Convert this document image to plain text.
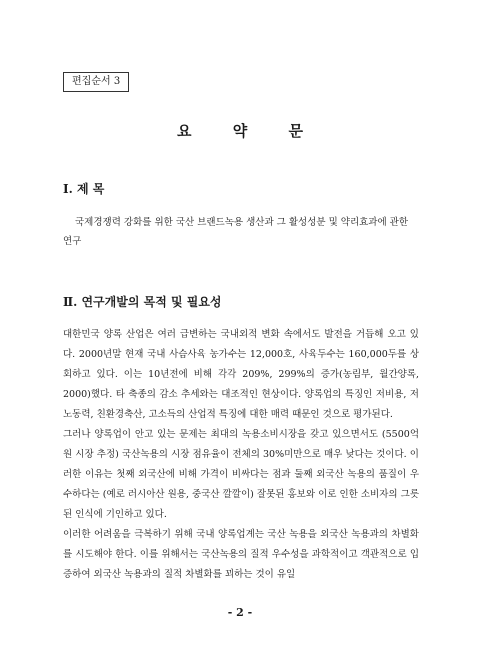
편집순서 3
요 약 문
Ⅰ. 제 목

국제경쟁력 강화를 위한 국산 브랜드녹용 생산과 그 활성성분 및 약리효과에 관한
연구

Ⅱ. 연구개발의 목적 및 필요성

대한민국 양록 산업은 여러 급변하는 국내외적 변화 속에서도 발전을 거듭해 오고 있다. 2000년말 현재 국내 사슴사육 농가수는 12,000호, 사육두수는 160,000두를 상회하고 있다. 이는 10년전에 비해 각각 209%, 299%의 증가(농림부, 월간양록, 2000)했다. 타 축종의 감소 추세와는 대조적인 현상이다. 양록업의 특징인 저비용, 저노동력, 친환경축산, 고소득의 산업적 특징에 대한 매력 때문인 것으로 평가된다.

그러나 양록업이 안고 있는 문제는 최대의 녹용소비시장을 갖고 있으면서도 (5500억원 시장 추정) 국산녹용의 시장 점유율이 전체의 30%미만으로 매우 낮다는 것이다. 이러한 이유는 첫째 외국산에 비해 가격이 비싸다는 점과 둘째 외국산 녹용의 품질이 우수하다는 (예로 러시아산 원용, 중국산 깔깔이) 잘못된 홍보와 이로 인한 소비자의 그릇된 인식에 기인하고 있다.

이러한 어려움을 극복하기 위해 국내 양록업계는 국산 녹용을 외국산 녹용과의 차별화를 시도해야 한다. 이를 위해서는 국산녹용의 질적 우수성을 과학적이고 객관적으로 입증하여 외국산 녹용과의 질적 차별화를 꾀하는 것이 유일

- 2 -
